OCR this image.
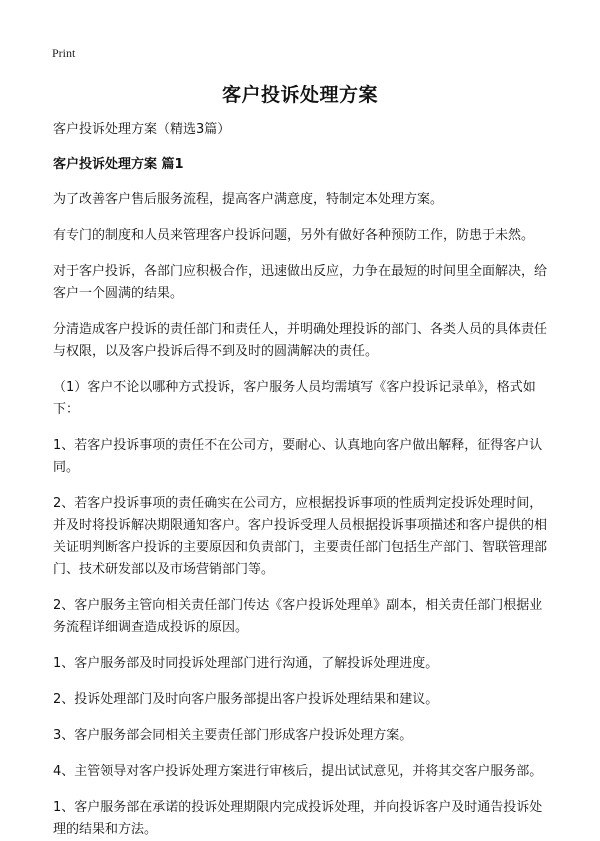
Print
客户投诉处理方案

客户投诉处理方案（精选3篇）

客户投诉处理方案 篇1

为了改善客户售后服务流程，提高客户满意度，特制定本处理方案。

有专门的制度和人员来管理客户投诉问题，另外有做好各种预防工作，防患于未然。

对于客户投诉，各部门应积极合作，迅速做出反应，力争在最短的时间里全面解决，给客户一个圆满的结果。

分清造成客户投诉的责任部门和责任人，并明确处理投诉的部门、各类人员的具体责任与权限，以及客户投诉后得不到及时的圆满解决的责任。

（1）客户不论以哪种方式投诉，客户服务人员均需填写《客户投诉记录单》，格式如下：

1、若客户投诉事项的责任不在公司方，要耐心、认真地向客户做出解释，征得客户认同。

2、若客户投诉事项的责任确实在公司方，应根据投诉事项的性质判定投诉处理时间，并及时将投诉解决期限通知客户。客户投诉受理人员根据投诉事项描述和客户提供的相关证明判断客户投诉的主要原因和负责部门，主要责任部门包括生产部门、智联管理部门、技术研发部以及市场营销部门等。

2、客户服务主管向相关责任部门传达《客户投诉处理单》副本，相关责任部门根据业务流程详细调查造成投诉的原因。

1、客户服务部及时同投诉处理部门进行沟通，了解投诉处理进度。

2、投诉处理部门及时向客户服务部提出客户投诉处理结果和建议。

3、客户服务部会同相关主要责任部门形成客户投诉处理方案。

4、主管领导对客户投诉处理方案进行审核后，提出试试意见，并将其交客户服务部。

1、客户服务部在承诺的投诉处理期限内完成投诉处理，并向投诉客户及时通告投诉处理的结果和方法。
